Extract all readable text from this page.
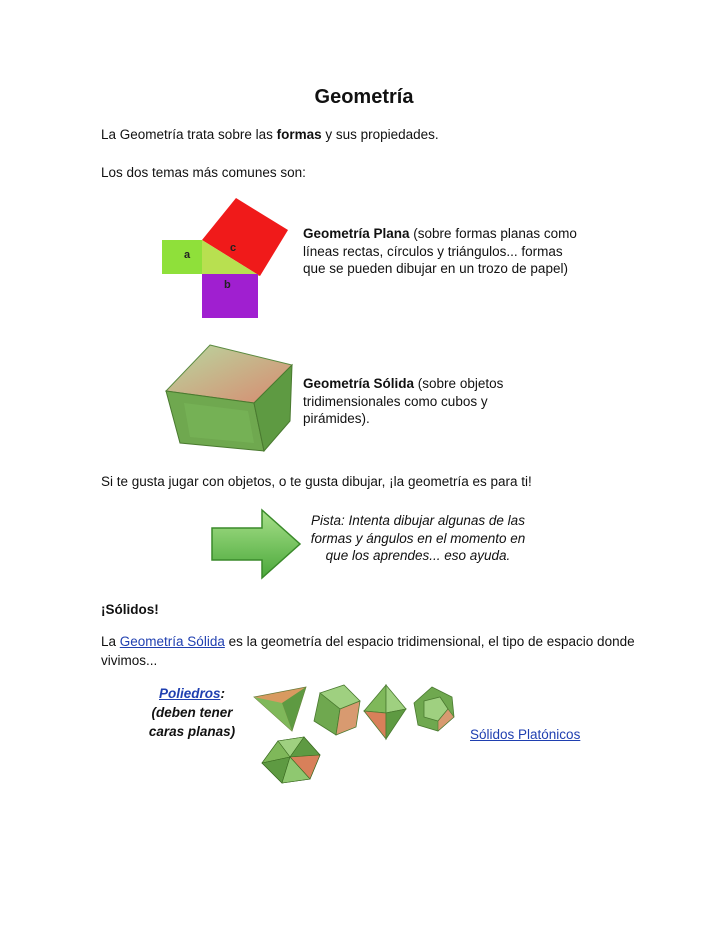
Geometría
La Geometría trata sobre las formas y sus propiedades.
Los dos temas más comunes son:
a
b
c
Geometría Plana (sobre formas planas como líneas rectas, círculos y triángulos... formas que se pueden dibujar en un trozo de papel)
Geometría Sólida (sobre objetos tridimensionales como cubos y pirámides).
Si te gusta jugar con objetos, o te gusta dibujar, ¡la geometría es para ti!
Pista: Intenta dibujar algunas de las formas y ángulos en el momento en que los aprendes... eso ayuda.
¡Sólidos!
La Geometría Sólida es la geometría del espacio tridimensional, el tipo de espacio donde vivimos...
Poliedros:
(deben tener
caras planas)	Sólidos Platónicos
